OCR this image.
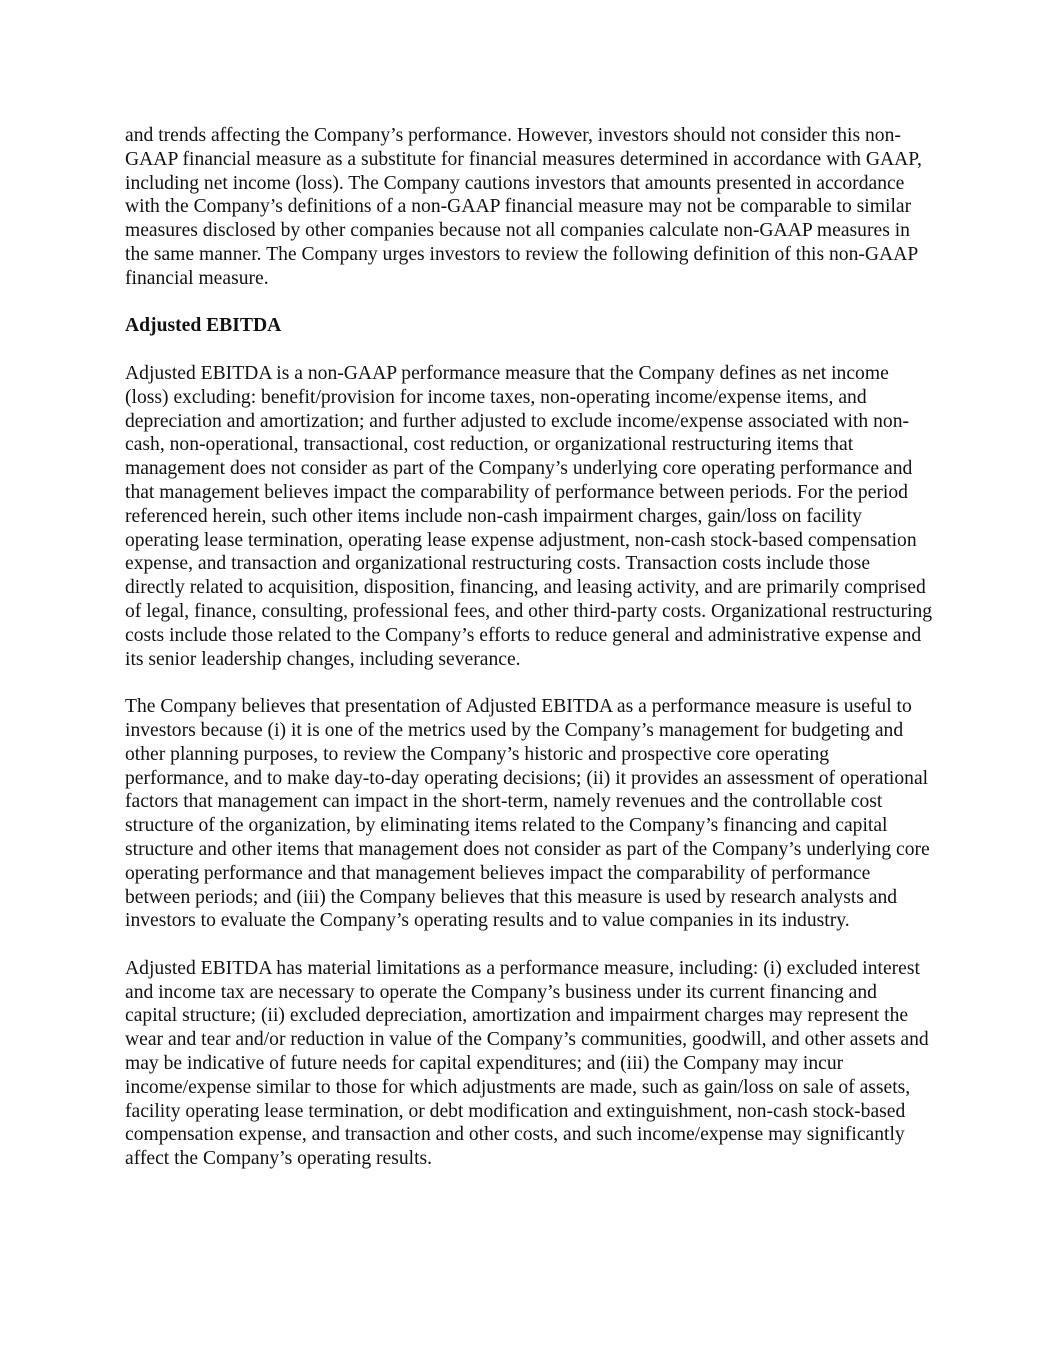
and trends affecting the Company’s performance. However, investors should not consider this non-GAAP financial measure as a substitute for financial measures determined in accordance with GAAP, including net income (loss). The Company cautions investors that amounts presented in accordance with the Company’s definitions of a non-GAAP financial measure may not be comparable to similar measures disclosed by other companies because not all companies calculate non-GAAP measures in the same manner. The Company urges investors to review the following definition of this non-GAAP financial measure.

Adjusted EBITDA

Adjusted EBITDA is a non-GAAP performance measure that the Company defines as net income (loss) excluding: benefit/provision for income taxes, non-operating income/expense items, and depreciation and amortization; and further adjusted to exclude income/expense associated with non-cash, non-operational, transactional, cost reduction, or organizational restructuring items that management does not consider as part of the Company’s underlying core operating performance and that management believes impact the comparability of performance between periods. For the period referenced herein, such other items include non-cash impairment charges, gain/loss on facility operating lease termination, operating lease expense adjustment, non-cash stock-based compensation expense, and transaction and organizational restructuring costs. Transaction costs include those directly related to acquisition, disposition, financing, and leasing activity, and are primarily comprised of legal, finance, consulting, professional fees, and other third-party costs. Organizational restructuring costs include those related to the Company’s efforts to reduce general and administrative expense and its senior leadership changes, including severance.

The Company believes that presentation of Adjusted EBITDA as a performance measure is useful to investors because (i) it is one of the metrics used by the Company’s management for budgeting and other planning purposes, to review the Company’s historic and prospective core operating performance, and to make day-to-day operating decisions; (ii) it provides an assessment of operational factors that management can impact in the short-term, namely revenues and the controllable cost structure of the organization, by eliminating items related to the Company’s financing and capital structure and other items that management does not consider as part of the Company’s underlying core operating performance and that management believes impact the comparability of performance between periods; and (iii) the Company believes that this measure is used by research analysts and investors to evaluate the Company’s operating results and to value companies in its industry.

Adjusted EBITDA has material limitations as a performance measure, including: (i) excluded interest and income tax are necessary to operate the Company’s business under its current financing and capital structure; (ii) excluded depreciation, amortization and impairment charges may represent the wear and tear and/or reduction in value of the Company’s communities, goodwill, and other assets and may be indicative of future needs for capital expenditures; and (iii) the Company may incur income/expense similar to those for which adjustments are made, such as gain/loss on sale of assets, facility operating lease termination, or debt modification and extinguishment, non-cash stock-based compensation expense, and transaction and other costs, and such income/expense may significantly affect the Company’s operating results.
